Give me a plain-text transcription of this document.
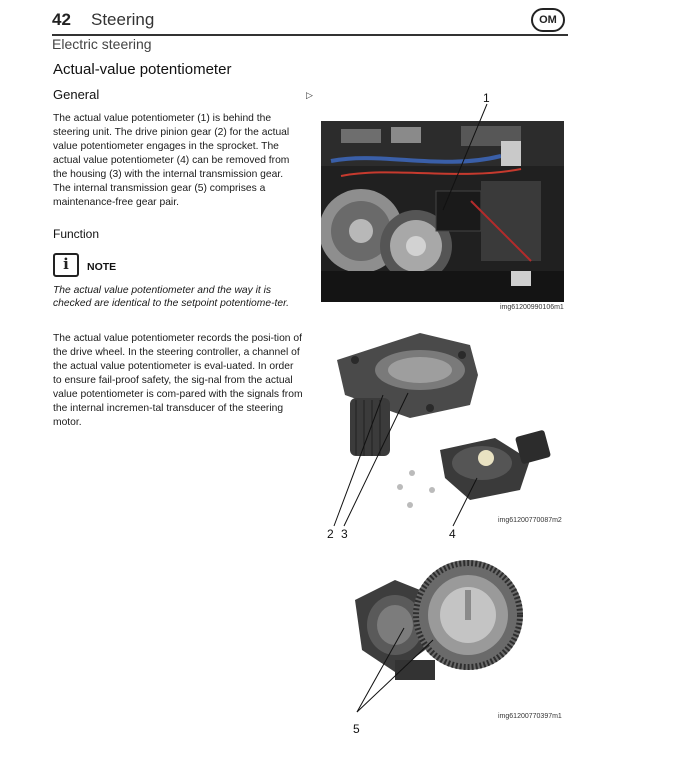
42 Steering	OM
Electric steering
Actual-value potentiometer
General	▷
The actual value potentiometer (1) is behind the steering unit. The drive pinion gear (2) for the actual value potentiometer engages in the sprocket. The actual value potentiometer (4) can be removed from the housing (3) with the internal transmission gear. The internal transmission gear (5) comprises a maintenance-free gear pair.
Function
i	NOTE
The actual value potentiometer and the way it is checked are identical to the setpoint potentiome-ter.
The actual value potentiometer records the posi-tion of the drive wheel. In the steering controller, a channel of the actual value potentiometer is eval-uated. In order to ensure fail-proof safety, the sig-nal from the actual value potentiometer is com-pared with the signals from the internal incremen-tal transducer of the steering motor.
img61200990106m1
1
img61200770087m2
2 3	4
img61200770397m1
5
